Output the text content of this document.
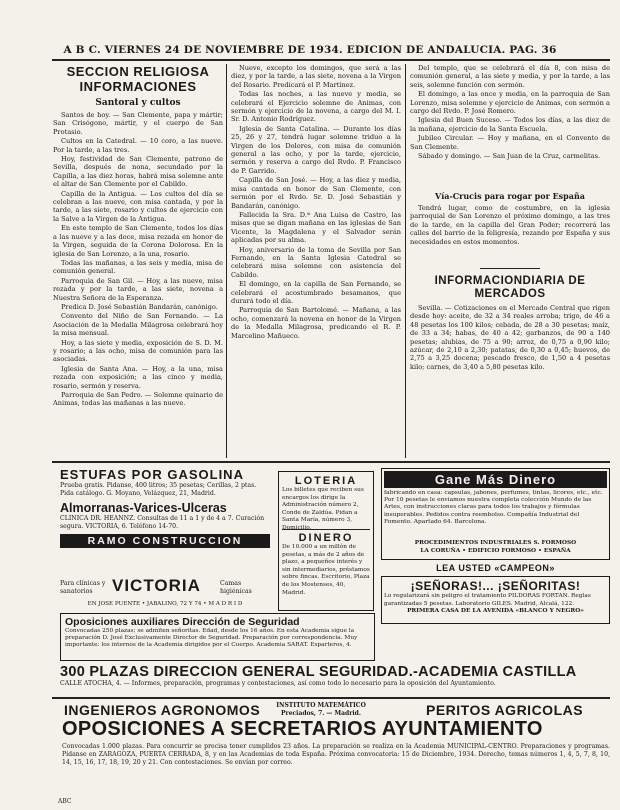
A B C. VIERNES 24 DE NOVIEMBRE DE 1934. EDICION DE ANDALUCIA. PAG. 36
SECCION RELIGIOSA INFORMACIONES
Santoral y cultos

Santos de hoy. — San Clemente, papa y mártir; San Crisógono, mártir, y el cuerpo de San Protasio.

Cultos en la Catedral. — 10 coro, a las nueve. Por la tarde, a las tres.

Hoy, festividad de San Clemente, patrono de Sevilla, después de nona, secundado por la Capilla, a las diez horas, habrá misa solemne ante el altar de San Clemente por el Cabildo.

Capilla de la Antigua. — Los cultos del día se celebran a las nueve, con misa cantada, y por la tarde, a las siete, rosario y cultos de ejercicio con la Salve a la Virgen de la Antigua.

En este templo de San Clemente, todos los días a las nueve y a las doce, misa rezada en honor de la Virgen, seguida de la Corona Dolorosa. En la iglesia de San Lorenzo, a la una, rosario.

Todas las mañanas, a las seis y media, misa de comunión general.

Parroquia de San Gil. — Hoy, a las nueve, misa rezada y por la tarde, a las siete, novena a Nuestra Señora de la Esperanza.

Predica D. José Sebastián Bandarán, canónigo.

Convento del Niño de San Fernando. — La Asociación de la Medalla Milagrosa celebrará hoy la misa mensual.

Hoy, a las siete y media, exposición de S. D. M. y rosario; a las ocho, misa de comunión para las asociadas.

Iglesia de Santa Ana. — Hoy, a la una, misa rezada con exposición; a las cinco y media, rosario, sermón y reserva.

Parroquia de San Pedro. — Solemne quinario de Animas, todas las mañanas a las nueve.

Nueve, excepto los domingos, que será a las diez, y por la tarde, a las siete, novena a la Virgen del Rosario. Predicará el P. Martínez.

Todas las noches, a las nueve y media, se celebrará el Ejercicio solemne de Animas, con sermón y ejercicio de la novena, a cargo del M. I. Sr. D. Antonio Rodríguez.

Iglesia de Santa Catalina. — Durante los días 25, 26 y 27, tendrá lugar solemne triduo a la Virgen de los Dolores, con misa de comunión general a las ocho, y por la tarde, ejercicio, sermón y reserva a cargo del Rvdo. P. Francisco de P. Garrido.

Capilla de San José. — Hoy, a las diez y media, misa cantada en honor de San Clemente, con sermón por el Rvdo. Sr. D. José Sebastián y Bandarán, canónigo.

Fallecida la Sra. D.ª Ana Luisa de Castro, las misas que se digan mañana en las iglesias de San Vicente, la Magdalena y el Salvador serán aplicadas por su alma.

Hoy, aniversario de la toma de Sevilla por San Fernando, en la Santa Iglesia Catedral se celebrará misa solemne con asistencia del Cabildo.

El domingo, en la capilla de San Fernando, se celebrará el acostumbrado besamanos, que durará todo el día.

Parroquia de San Bartolomé. — Mañana, a las ocho, comenzará la novena en honor de la Virgen de la Medalla Milagrosa, predicando el R. P. Marcelino Mañueco.

Del templo, que se celebrará el día 8, con misa de comunión general, a las siete y media, y por la tarde, a las seis, solemne función con sermón.

El domingo, a las once y media, en la parroquia de San Lorenzo, misa solemne y ejercicio de Animas, con sermón a cargo del Rvdo. P. José Romero.

Iglesia del Buen Suceso. — Todos los días, a las diez de la mañana, ejercicio de la Santa Escuela.

Jubileo Circular. — Hoy y mañana, en el Convento de San Clemente.

Sábado y domingo. — San Juan de la Cruz, carmelitas.

Vía-Crucis para rogar por España

Tendrá lugar, como de costumbre, en la iglesia parroquial de San Lorenzo el próximo domingo, a las tres de la tarde, en la capilla del Gran Poder; recorrerá las calles del barrio de la feligresía, rezando por España y sus necesidades en estos momentos.

INFORMACIONDIARIA DE MERCADOS

Sevilla. — Cotizaciones en el Mercado Central que rigen desde hoy: aceite, de 32 a 34 reales arroba; trigo, de 46 a 48 pesetas los 100 kilos; cebada, de 28 a 30 pesetas; maíz, de 33 a 34; habas, de 40 a 42; garbanzos, de 90 a 140 pesetas; alubias, de 75 a 90; arroz, de 0,75 a 0,90 kilo; azúcar, de 2,10 a 2,30; patatas, de 0,30 a 0,45; huevos, de 2,75 a 3,25 docena; pescado fresco, de 1,50 a 4 pesetas kilo; carnes, de 3,40 a 5,80 pesetas kilo.

ESTUFAS POR GASOLINA
Prueba gratis. Pidanse, 400 litros; 35 pesetas; Cerillas, 2 ptas. Pida catálogo. G. Moyano, Velázquez, 21, Madrid.
Almorranas-Varices-Ulceras
CLINICA DR. HEANNZ. Consultas de 11 a 1 y de 4 a 7. Curación segura. VICTORIA, 6. Teléfono 14-70.
RAMO CONSTRUCCION
Para clínicas y sanatorios	VICTORIA	Camas higiénicas
EN JOSE PUENTE • JABALINO, 72 Y 74 • M A D R I D
LOTERIA
Los billetes que reciben sus encargos los dirige la Administración número 2, Conde de Zaldúa. Pidan a Santa María, número 3, Domicilio.
DINERO
De 10.000 a un millón de pesetas, a más de 2 años de plazo, a pequeños interés y sin intermediarios, préstamos sobre fincas. Escritorio, Plaza de los Mostenses, 40, Madrid.
Gane Más Dinero
fabricando en casa: capsulas, jabones, perfumes, tintas, licores, etc., etc. Por 10 pesetas le enviamos nuestra completa colección Mundo de las Artes, con instrucciones claras para todos los trabajos y fórmulas insuperables. Pedidos contra reembolso. Compañía Industrial del Fomento. Apartado 64. Barcelona.
PROCEDIMIENTOS INDUSTRIALES S. FORMOSO
LA CORUÑA • EDIFICIO FORMOSO • ESPAÑA
LEA USTED «CAMPEON»
¡SEÑORAS!... ¡SEÑORITAS!
Lo regularizará sin peligro el tratamiento PILDORAS FORTAN. Reglas garantizadas 5 pesetas. Laboratorio GILES. Madrid, Alcalá, 122.
PRIMERA CASA DE LA AVENIDA «BLANCO Y NEGRO»
Oposiciones auxiliares Dirección de Seguridad
Convocadas 250 plazas; se admiten señoritas. Edad, desde los 16 años. En esta Academia sigue la preparación D. José Exclusivamente Director de Seguridad. Preparación por correspondencia. Muy importante: los internos de la Academia dirigidos por el Cuerpo. Academia SARAT. Esparteros, 4.
300 PLAZAS DIRECCION GENERAL SEGURIDAD.-ACADEMIA CASTILLA
CALLE ATOCHA, 4. — Informes, preparación, programas y contestaciones, así como todo lo necesario para la oposición del Ayuntamiento.
INGENIEROS AGRONOMOS	INSTITUTO MATEMÁTICO
Preciados, 7. — Madrid.	PERITOS AGRICOLAS
OPOSICIONES A SECRETARIOS AYUNTAMIENTO
Convocadas 1.000 plazas. Para concurrir se precisa tener cumplidos 23 años. La preparación se realiza en la Academia MUNICIPAL-CENTRO. Preparaciones y programas. Pídanse en ZARAGOZA, PUERTA CERRADA, 8, y en las Academias de toda España. Próxima convocatoria: 15 de Diciembre, 1934. Derecho, temas números 1, 4, 5, 7, 8, 10, 14, 15, 16, 17, 18, 19, 20 y 21. Con contestaciones. Se envían por correo.
ABC
